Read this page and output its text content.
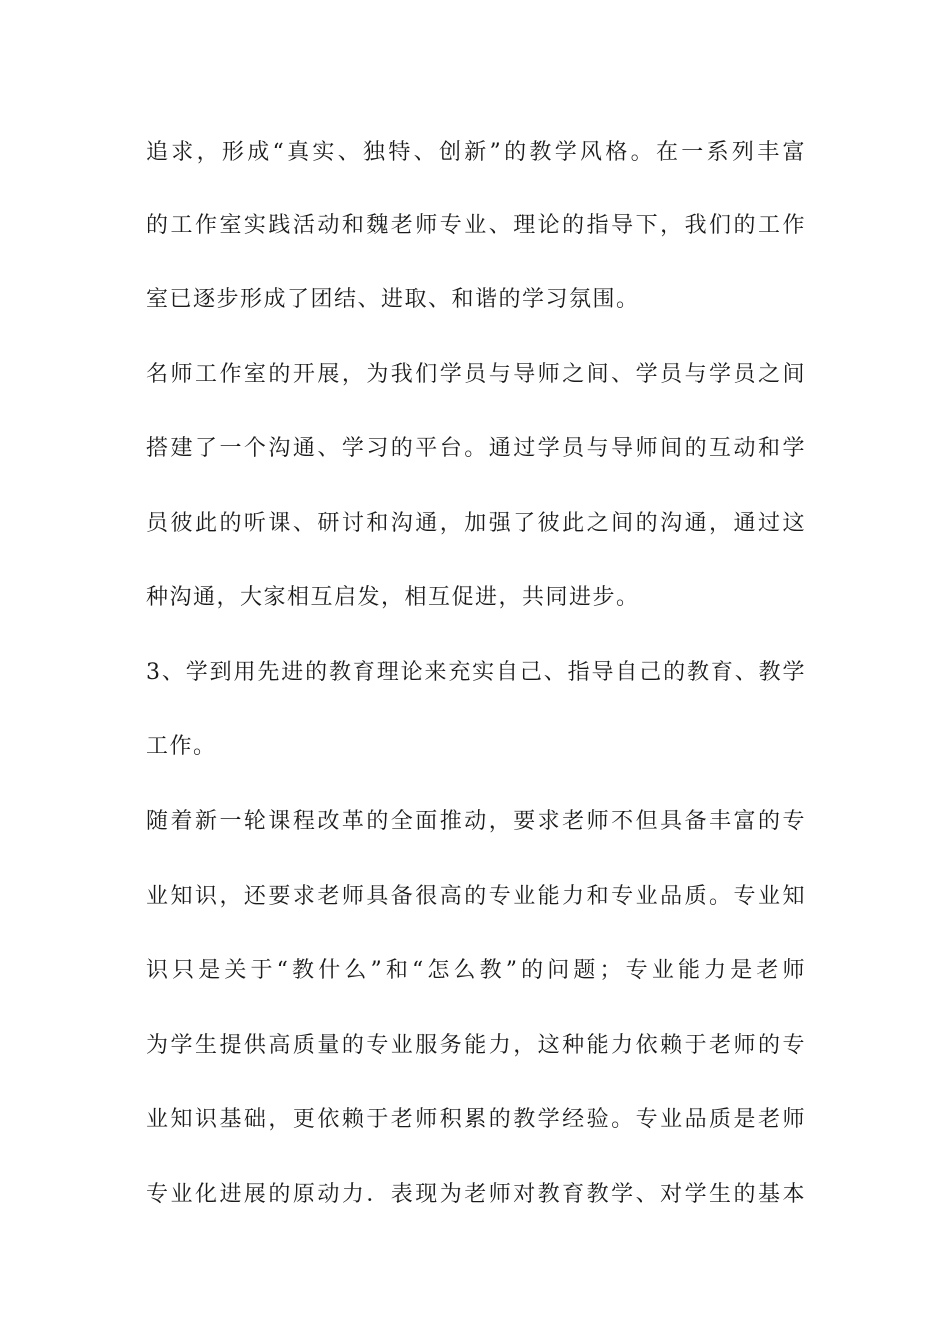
追求，形成“真实、独特、创新”的教学风格。在一系列丰富
的工作室实践活动和魏老师专业、理论的指导下，我们的工作
室已逐步形成了团结、进取、和谐的学习氛围。
名师工作室的开展，为我们学员与导师之间、学员与学员之间
搭建了一个沟通、学习的平台。通过学员与导师间的互动和学
员彼此的听课、研讨和沟通，加强了彼此之间的沟通，通过这
种沟通，大家相互启发，相互促进，共同进步。
3、学到用先进的教育理论来充实自己、指导自己的教育、教学
工作。
随着新一轮课程改革的全面推动，要求老师不但具备丰富的专
业知识，还要求老师具备很高的专业能力和专业品质。专业知
识只是关于“教什么”和“怎么教”的问题；专业能力是老师
为学生提供高质量的专业服务能力，这种能力依赖于老师的专
业知识基础，更依赖于老师积累的教学经验。专业品质是老师
专业化进展的原动力．表现为老师对教育教学、对学生的基本
